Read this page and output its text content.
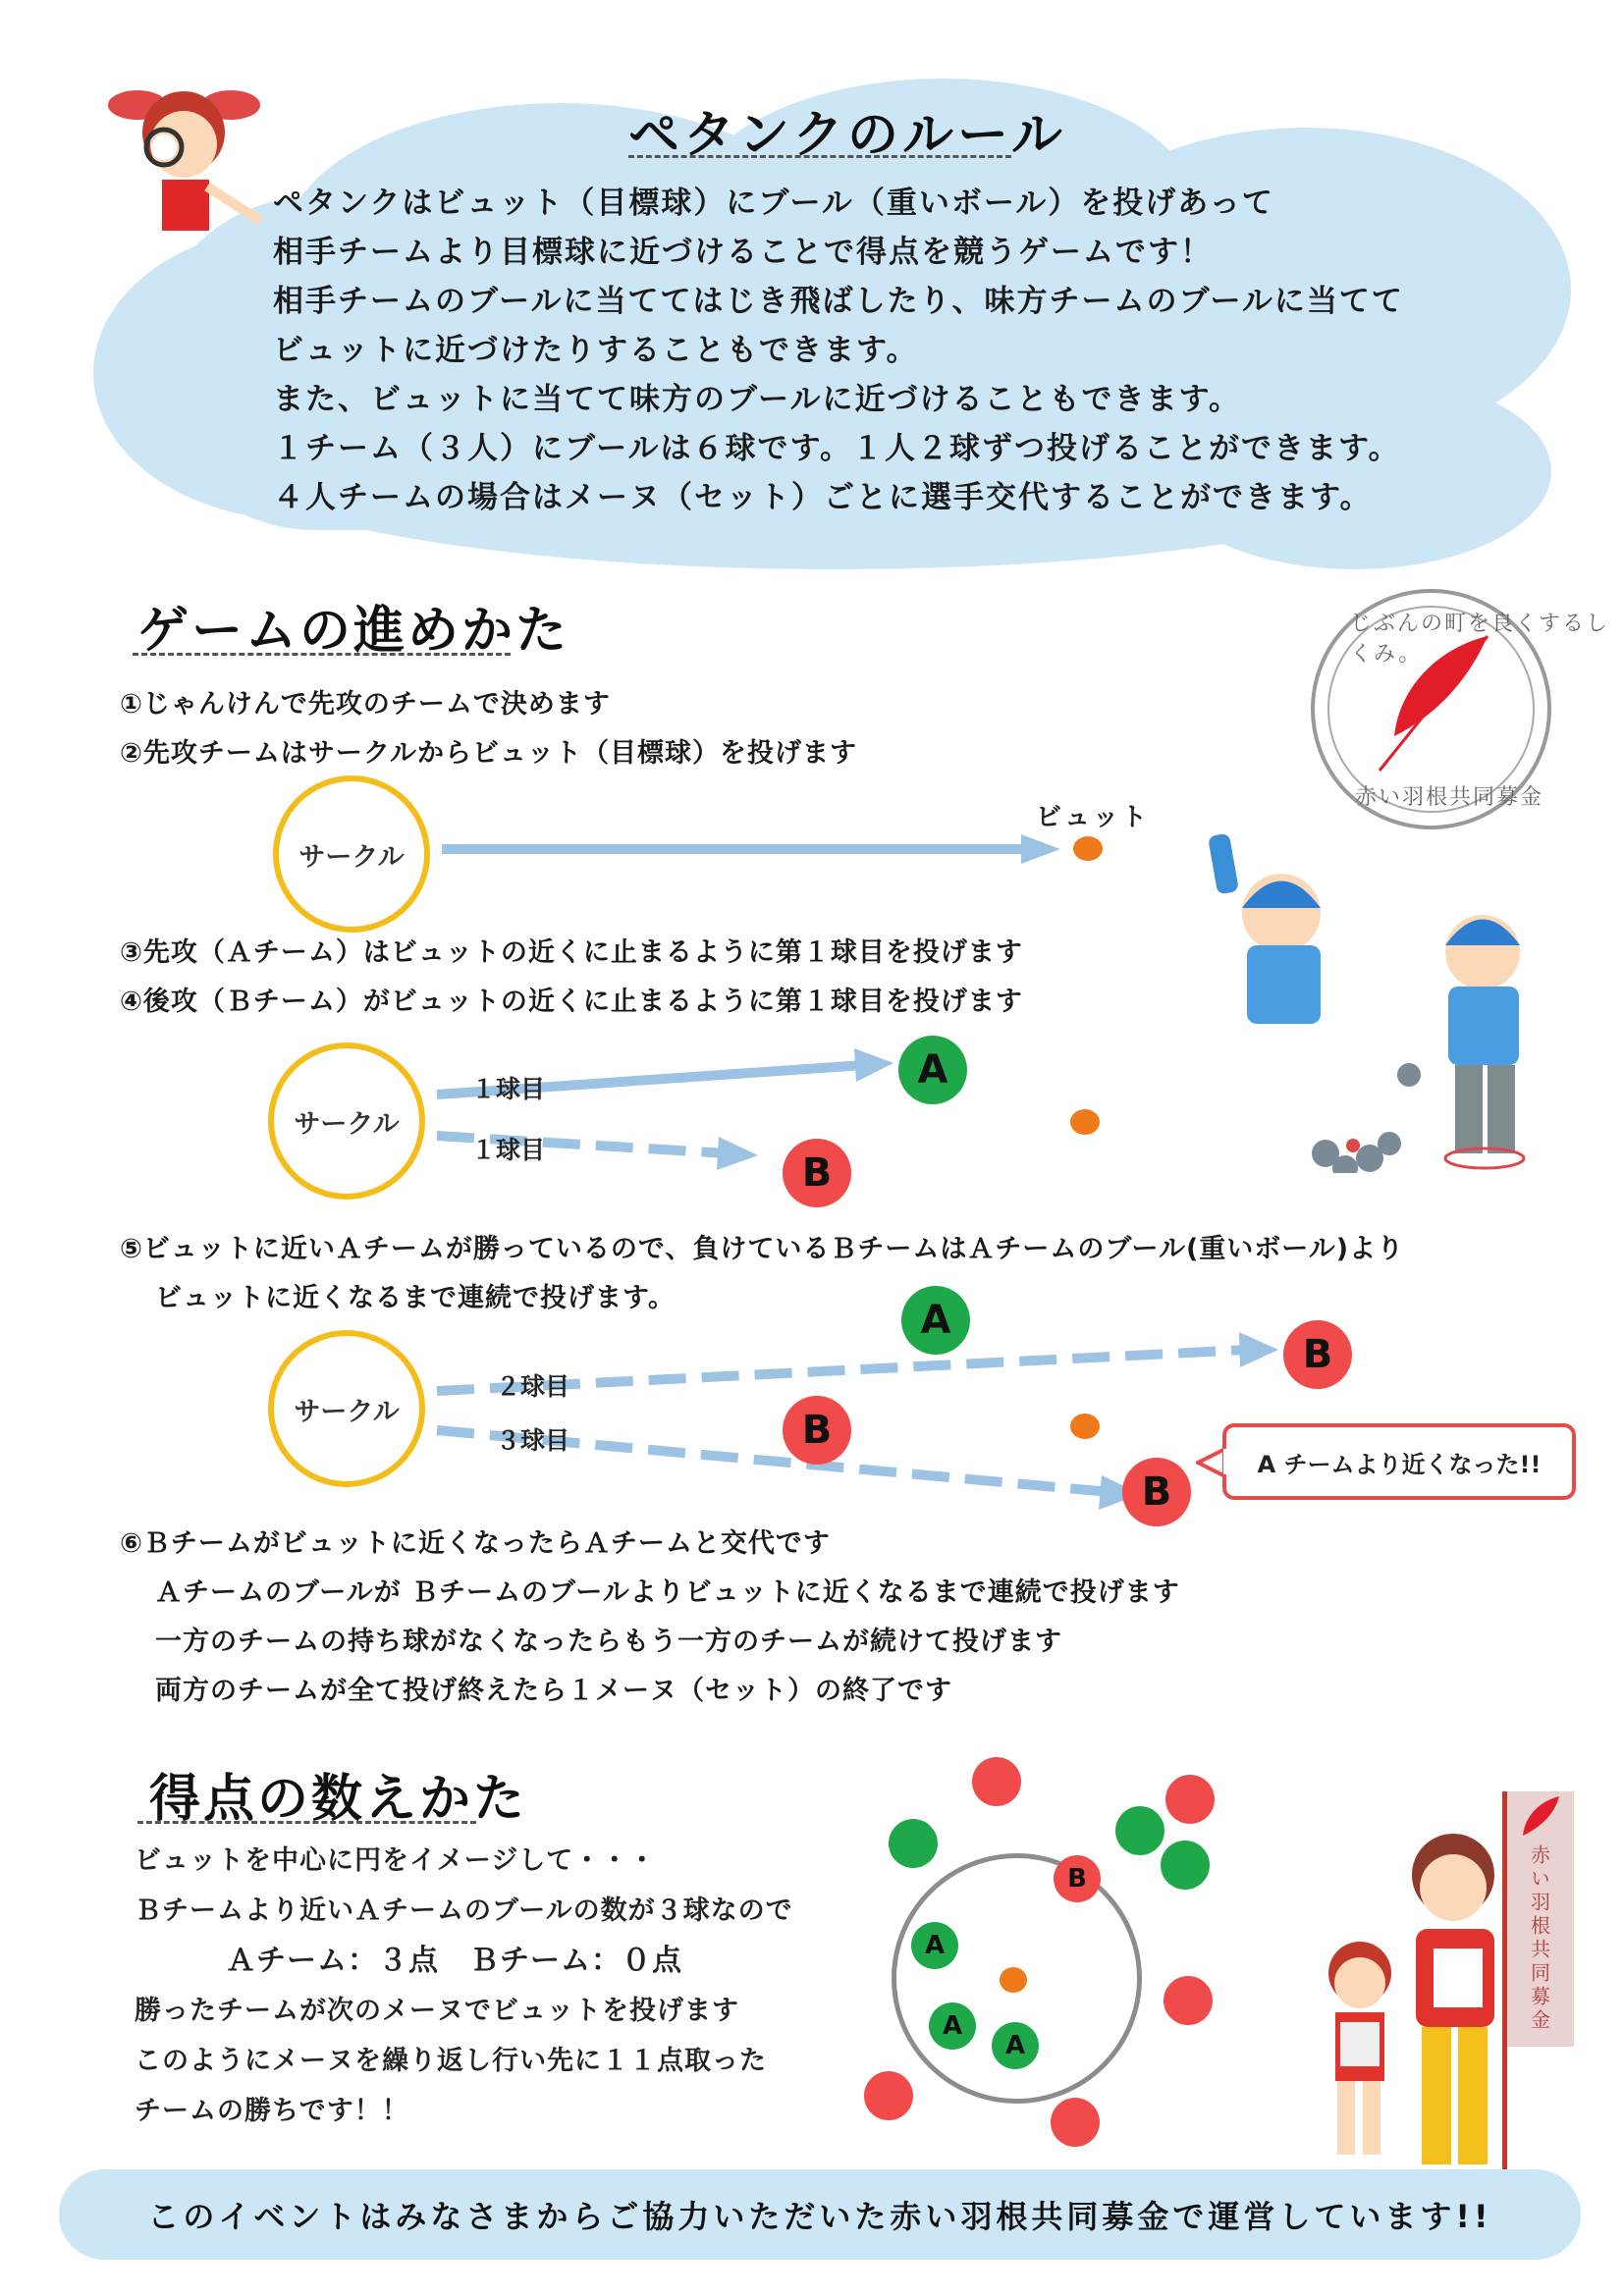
ペタンクのルール
ペタンクはビュット（目標球）にブール（重いボール）を投げあって
相手チームより目標球に近づけることで得点を競うゲームです！
相手チームのブールに当ててはじき飛ばしたり、味方チームのブールに当てて
ビュットに近づけたりすることもできます。
また、ビュットに当てて味方のブールに近づけることもできます。
１チーム（３人）にブールは６球です。１人２球ずつ投げることができます。
４人チームの場合はメーヌ（セット）ごとに選手交代することができます。
ゲームの進めかた	じぶんの町を良くするしくみ。
赤い羽根共同募金
①じゃんけんで先攻のチームで決めます
②先攻チームはサークルからビュット（目標球）を投げます
サークル
ビュット
③先攻（Ａチーム）はビュットの近くに止まるように第１球目を投げます
④後攻（Ｂチーム）がビュットの近くに止まるように第１球目を投げます
サークル
１球目
１球目
A
B
⑤ビュットに近いＡチームが勝っているので、負けているＢチームはＡチームのブール(重いボール)より
ビュットに近くなるまで連続で投げます。
サークル
２球目
３球目
A
B
B
B
A チームより近くなった!!
⑥Ｂチームがビュットに近くなったらＡチームと交代です
Ａチームのブールが Ｂチームのブールよりビュットに近くなるまで連続で投げます
一方のチームの持ち球がなくなったらもう一方のチームが続けて投げます
両方のチームが全て投げ終えたら１メーヌ（セット）の終了です
得点の数えかた
ビュットを中心に円をイメージして・・・
Ｂチームより近いＡチームのブールの数が３球なので
　　　Ａチーム：３点　Ｂチーム：０点
勝ったチームが次のメーヌでビュットを投げます
このようにメーヌを繰り返し行い先に１１点取った
チームの勝ちです！！
B
A
A
A
赤い羽根共同募金
このイベントはみなさまからご協力いただいた赤い羽根共同募金で運営しています!!
